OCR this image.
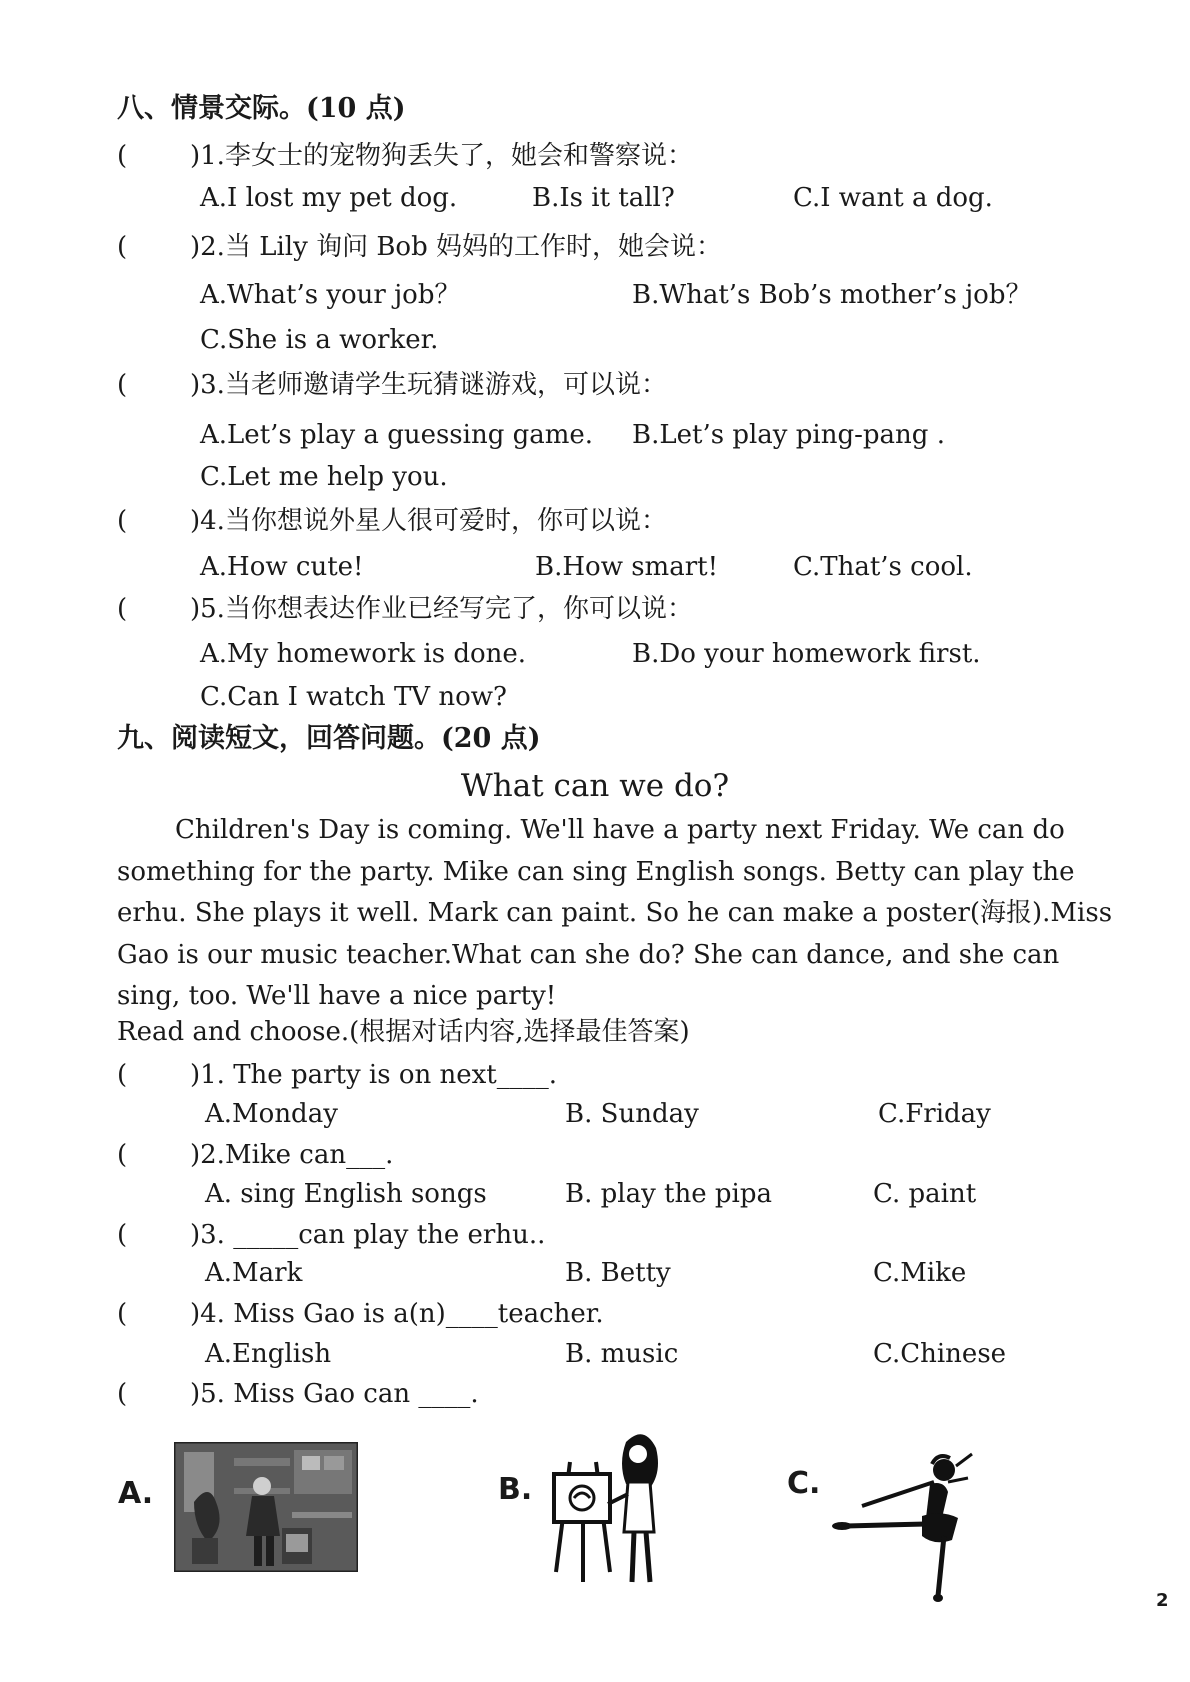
八、情景交际。(10 点)
( )1.李女士的宠物狗丢失了，她会和警察说：
A.I lost my pet dog.	B.Is it tall?	C.I want a dog.
( )2.当 Lily 询问 Bob 妈妈的工作时，她会说：
A.What’s your job？	B.What’s Bob’s mother’s job？
C.She is a worker.
( )3.当老师邀请学生玩猜谜游戏，可以说：
A.Let’s play a guessing game. B.Let’s play ping-pang .
C.Let me help you.
( )4.当你想说外星人很可爱时，你可以说：
A.How cute!	B.How smart!	C.That’s cool.
( )5.当你想表达作业已经写完了，你可以说：
A.My homework is done.	B.Do your homework first.
C.Can I watch TV now?
九、阅读短文，回答问题。(20 点)
What can we do?
Children's Day is coming. We'll have a party next Friday. We can do something for the party. Mike can sing English songs. Betty can play the erhu. She plays it well. Mark can paint. So he can make a poster(海报).Miss Gao is our music teacher.What can she do? She can dance, and she can sing, too. We'll have a nice party!
Read and choose.(根据对话内容,选择最佳答案)
( )1. The party is on next____.
A.Monday	B. Sunday	C.Friday
( )2.Mike can___.
A. sing English songs	B. play the pipa	C. paint
( )3. _____can play the erhu..
A.Mark	B. Betty	C.Mike
( )4. Miss Gao is a(n)____teacher.
A.English	B. music	C.Chinese
( )5. Miss Gao can ____.
A.	B.	C.
2
